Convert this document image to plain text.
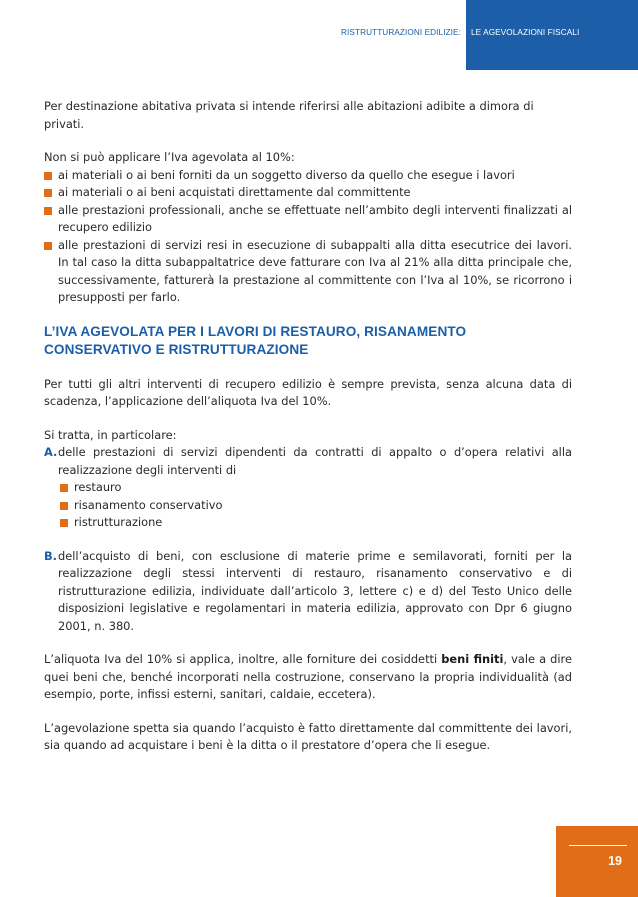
RISTRUTTURAZIONI EDILIZIE:	LE AGEVOLAZIONI FISCALI

Per destinazione abitativa privata si intende riferirsi alle abitazioni adibite a dimora di privati.

Non si può applicare l’Iva agevolata al 10%:

ai materiali o ai beni forniti da un soggetto diverso da quello che esegue i lavori
ai materiali o ai beni acquistati direttamente dal committente
alle prestazioni professionali, anche se effettuate nell’ambito degli interventi finalizzati al recupero edilizio
alle prestazioni di servizi resi in esecuzione di subappalti alla ditta esecutrice dei lavori. In tal caso la ditta subappaltatrice deve fatturare con Iva al 21% alla ditta principale che, successivamente, fatturerà la prestazione al committente con l’Iva al 10%, se ricorrono i presupposti per farlo.
L’IVA AGEVOLATA PER I LAVORI DI RESTAURO, RISANAMENTO CONSERVATIVO E RISTRUTTURAZIONE

Per tutti gli altri interventi di recupero edilizio è sempre prevista, senza alcuna data di scadenza, l’applicazione dell’aliquota Iva del 10%.

Si tratta, in particolare:

A. delle prestazioni di servizi dipendenti da contratti di appalto o d’opera relativi alla realizzazione degli interventi di
restauro
risanamento conservativo
ristrutturazione
B. dell’acquisto di beni, con esclusione di materie prime e semilavorati, forniti per la realizzazione degli stessi interventi di restauro, risanamento conservativo e di ristrutturazione edilizia, individuate dall’articolo 3, lettere c) e d) del Testo Unico delle disposizioni legislative e regolamentari in materia edilizia, approvato con Dpr 6 giugno 2001, n. 380.

L’aliquota Iva del 10% si applica, inoltre, alle forniture dei cosiddetti beni finiti, vale a dire quei beni che, benché incorporati nella costruzione, conservano la propria individualità (ad esempio, porte, infissi esterni, sanitari, caldaie, eccetera).

L’agevolazione spetta sia quando l’acquisto è fatto direttamente dal committente dei lavori, sia quando ad acquistare i beni è la ditta o il prestatore d’opera che li esegue.

19
